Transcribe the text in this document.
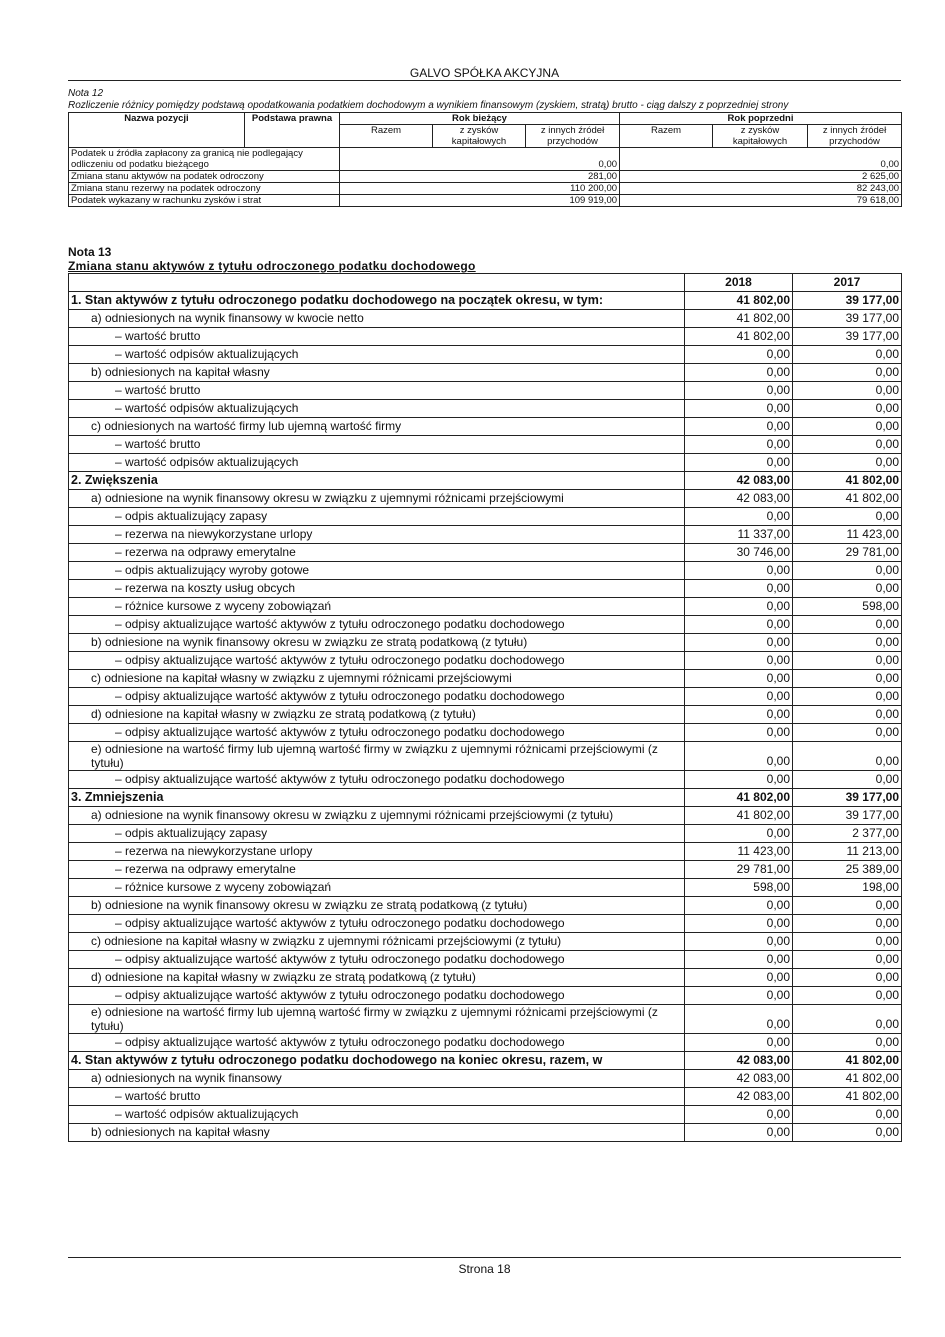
GALVO SPÓŁKA AKCYJNA
Nota 12
Rozliczenie różnicy pomiędzy podstawą opodatkowania podatkiem dochodowym a wynikiem finansowym (zyskiem, stratą) brutto - ciąg dalszy z poprzedniej strony
Nazwa pozycji	Podstawa prawna	Rok bieżący			Rok poprzedni		
		Razem	z zysków kapitałowych	z innych źródeł przychodów	Razem	z zysków kapitałowych	z innych źródeł przychodów
Podatek u źródła zapłacony za granicą nie podlegający odliczeniu od podatku bieżącego		0,00			0,00		
Zmiana stanu aktywów na podatek odroczony		281,00			2 625,00		
Zmiana stanu rezerwy na podatek odroczony		110 200,00			82 243,00		
Podatek wykazany w rachunku zysków i strat		109 919,00			79 618,00		
Nota 13
Zmiana stanu aktywów z tytułu odroczonego podatku dochodowego
	2018	2017
1. Stan aktywów z tytułu odroczonego podatku dochodowego na początek okresu, w tym:	41 802,00	39 177,00
a) odniesionych na wynik finansowy w kwocie netto	41 802,00	39 177,00
– wartość brutto	41 802,00	39 177,00
– wartość odpisów aktualizujących	0,00	0,00
b) odniesionych na kapitał własny	0,00	0,00
– wartość brutto	0,00	0,00
– wartość odpisów aktualizujących	0,00	0,00
c) odniesionych na wartość firmy lub ujemną wartość firmy	0,00	0,00
– wartość brutto	0,00	0,00
– wartość odpisów aktualizujących	0,00	0,00
2. Zwiększenia	42 083,00	41 802,00
a) odniesione na wynik finansowy okresu w związku z ujemnymi różnicami przejściowymi	42 083,00	41 802,00
– odpis aktualizujący zapasy	0,00	0,00
– rezerwa na niewykorzystane urlopy	11 337,00	11 423,00
– rezerwa na odprawy emerytalne	30 746,00	29 781,00
– odpis aktualizujący wyroby gotowe	0,00	0,00
– rezerwa na koszty usług obcych	0,00	0,00
– różnice kursowe z wyceny zobowiązań	0,00	598,00
– odpisy aktualizujące wartość aktywów z tytułu odroczonego podatku dochodowego	0,00	0,00
b) odniesione na wynik finansowy okresu w związku ze stratą podatkową (z tytułu)	0,00	0,00
– odpisy aktualizujące wartość aktywów z tytułu odroczonego podatku dochodowego	0,00	0,00
c) odniesione na kapitał własny w związku z ujemnymi różnicami przejściowymi	0,00	0,00
– odpisy aktualizujące wartość aktywów z tytułu odroczonego podatku dochodowego	0,00	0,00
d) odniesione na kapitał własny w związku ze stratą podatkową (z tytułu)	0,00	0,00
– odpisy aktualizujące wartość aktywów z tytułu odroczonego podatku dochodowego	0,00	0,00
e) odniesione na wartość firmy lub ujemną wartość firmy w związku z ujemnymi różnicami przejściowymi (z tytułu)	0,00	0,00
– odpisy aktualizujące wartość aktywów z tytułu odroczonego podatku dochodowego	0,00	0,00
3. Zmniejszenia	41 802,00	39 177,00
a) odniesione na wynik finansowy okresu w związku z ujemnymi różnicami przejściowymi (z tytułu)	41 802,00	39 177,00
– odpis aktualizujący zapasy	0,00	2 377,00
– rezerwa na niewykorzystane urlopy	11 423,00	11 213,00
– rezerwa na odprawy emerytalne	29 781,00	25 389,00
– różnice kursowe z wyceny zobowiązań	598,00	198,00
b) odniesione na wynik finansowy okresu w związku ze stratą podatkową (z tytułu)	0,00	0,00
– odpisy aktualizujące wartość aktywów z tytułu odroczonego podatku dochodowego	0,00	0,00
c) odniesione na kapitał własny w związku z ujemnymi różnicami przejściowymi (z tytułu)	0,00	0,00
– odpisy aktualizujące wartość aktywów z tytułu odroczonego podatku dochodowego	0,00	0,00
d) odniesione na kapitał własny w związku ze stratą podatkową (z tytułu)	0,00	0,00
– odpisy aktualizujące wartość aktywów z tytułu odroczonego podatku dochodowego	0,00	0,00
e) odniesione na wartość firmy lub ujemną wartość firmy w związku z ujemnymi różnicami przejściowymi (z tytułu)	0,00	0,00
– odpisy aktualizujące wartość aktywów z tytułu odroczonego podatku dochodowego	0,00	0,00
4. Stan aktywów z tytułu odroczonego podatku dochodowego na koniec okresu, razem, w	42 083,00	41 802,00
a) odniesionych na wynik finansowy	42 083,00	41 802,00
– wartość brutto	42 083,00	41 802,00
– wartość odpisów aktualizujących	0,00	0,00
b) odniesionych na kapitał własny	0,00	0,00
Strona 18
